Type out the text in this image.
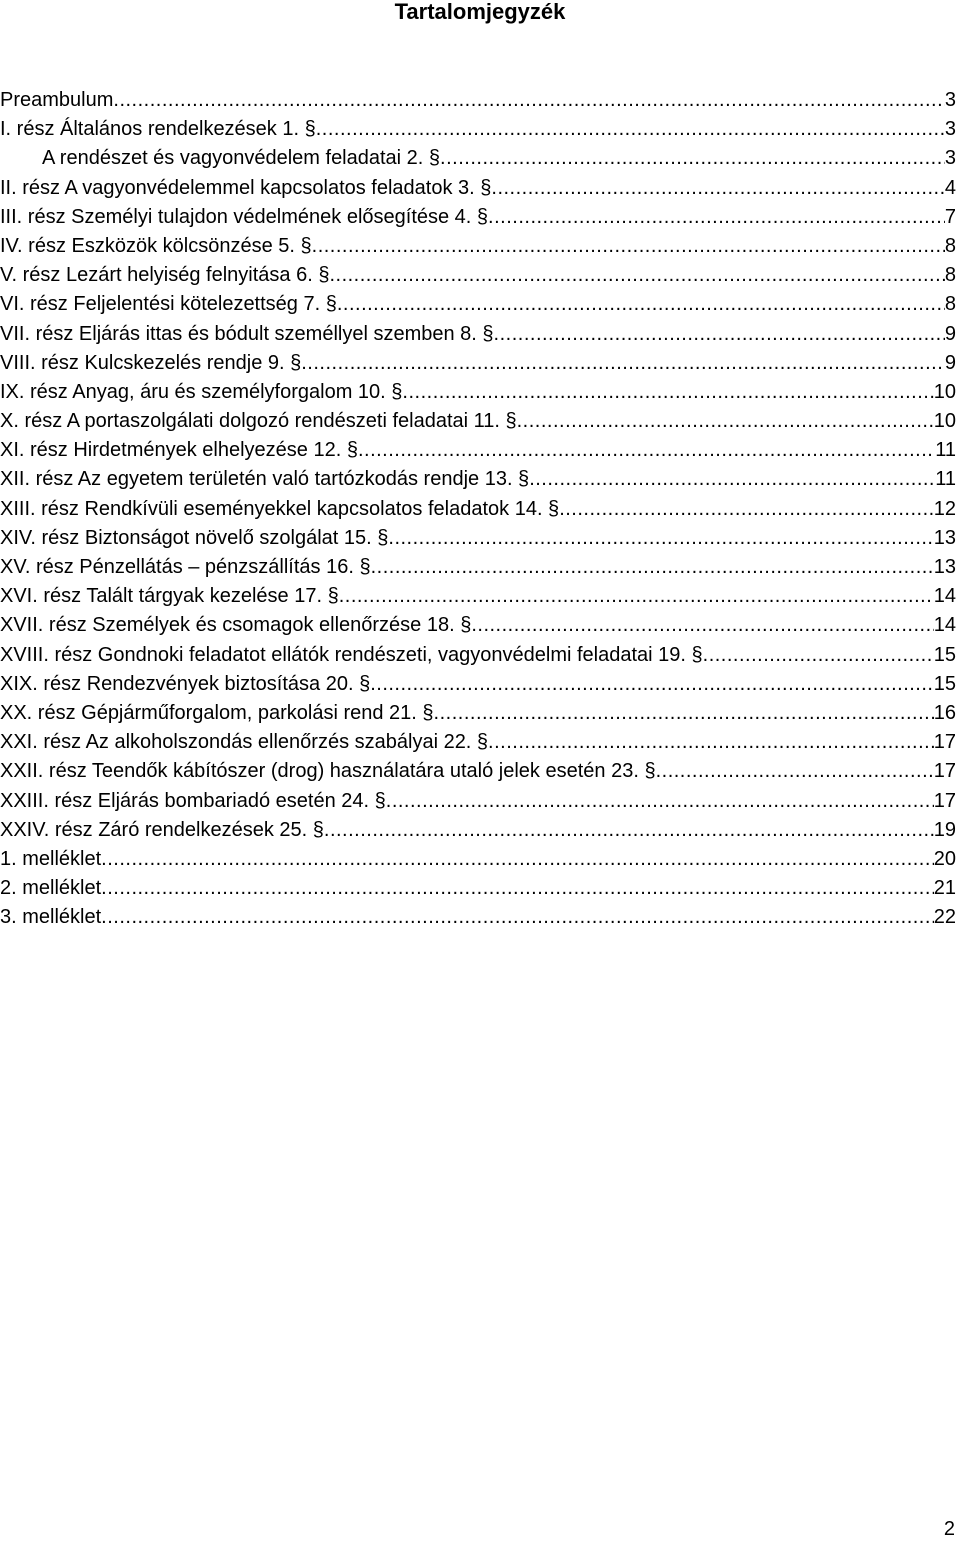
Tartalomjegyzék
Preambulum .....	3
I. rész Általános rendelkezések 1. § .....	3
A rendészet és vagyonvédelem feladatai 2. § .....	3
II. rész A vagyonvédelemmel kapcsolatos feladatok 3. § .....	4
III. rész Személyi tulajdon védelmének elősegítése 4. § .....	7
IV. rész Eszközök kölcsönzése 5. § .....	8
V. rész Lezárt helyiség felnyitása 6. § .....	8
VI. rész Feljelentési kötelezettség 7. § .....	8
VII. rész Eljárás ittas és bódult személlyel szemben 8. § .....	9
VIII. rész Kulcskezelés rendje 9. § .....	9
IX. rész Anyag, áru és személyforgalom 10. § .....	10
X. rész A portaszolgálati dolgozó rendészeti feladatai 11. § .....	10
XI. rész Hirdetmények elhelyezése 12. § .....	11
XII. rész Az egyetem területén való tartózkodás rendje 13. § .....	11
XIII. rész Rendkívüli eseményekkel kapcsolatos feladatok 14. § .....	12
XIV. rész Biztonságot növelő szolgálat 15. § .....	13
XV. rész Pénzellátás – pénzszállítás 16. § .....	13
XVI. rész Talált tárgyak kezelése 17. § .....	14
XVII. rész Személyek és csomagok ellenőrzése 18. § .....	14
XVIII. rész Gondnoki feladatot ellátók rendészeti, vagyonvédelmi feladatai 19. § .....	15
XIX. rész Rendezvények biztosítása 20. § .....	15
XX. rész Gépjárműforgalom, parkolási rend 21. § .....	16
XXI. rész Az alkoholszondás ellenőrzés szabályai 22. § .....	17
XXII. rész Teendők kábítószer (drog) használatára utaló jelek esetén 23. § .....	17
XXIII. rész Eljárás bombariadó esetén 24. § .....	17
XXIV. rész Záró rendelkezések 25. § .....	19
1. melléklet .....	20
2. melléklet .....	21
3. melléklet .....	22
2
